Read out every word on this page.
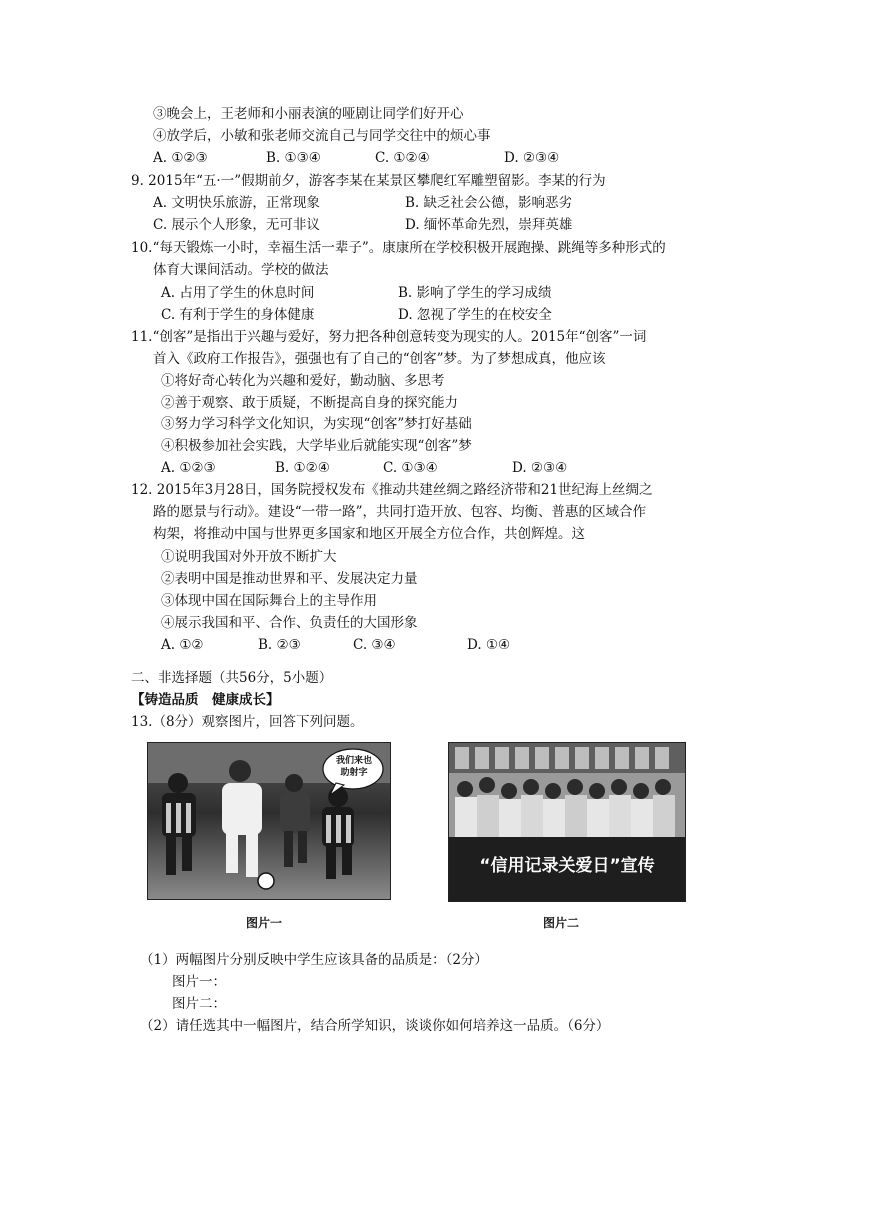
③晚会上，王老师和小丽表演的哑剧让同学们好开心
④放学后，小敏和张老师交流自己与同学交往中的烦心事
A. ①②③	B. ①③④	C. ①②④	D. ②③④
9. 2015年“五·一”假期前夕，游客李某在某景区攀爬红军雕塑留影。李某的行为
A. 文明快乐旅游，正常现象	B. 缺乏社会公德，影响恶劣
C. 展示个人形象，无可非议	D. 缅怀革命先烈，崇拜英雄
10.“每天锻炼一小时，幸福生活一辈子”。康康所在学校积极开展跑操、跳绳等多种形式的
体育大课间活动。学校的做法
A. 占用了学生的休息时间	B. 影响了学生的学习成绩
C. 有利于学生的身体健康	D. 忽视了学生的在校安全
11.“创客”是指出于兴趣与爱好，努力把各种创意转变为现实的人。2015年“创客”一词
首入《政府工作报告》，强强也有了自己的“创客”梦。为了梦想成真，他应该
①将好奇心转化为兴趣和爱好，勤动脑、多思考
②善于观察、敢于质疑，不断提高自身的探究能力
③努力学习科学文化知识，为实现“创客”梦打好基础
④积极参加社会实践，大学毕业后就能实现“创客”梦
A. ①②③	B. ①②④	C. ①③④	D. ②③④
12. 2015年3月28日，国务院授权发布《推动共建丝绸之路经济带和21世纪海上丝绸之
路的愿景与行动》。建设“一带一路”，共同打造开放、包容、均衡、普惠的区域合作
构架，将推动中国与世界更多国家和地区开展全方位合作，共创辉煌。这
①说明我国对外开放不断扩大
②表明中国是推动世界和平、发展决定力量
③体现中国在国际舞台上的主导作用
④展示我国和平、合作、负责任的大国形象
A. ①②	B. ②③	C. ③④	D. ①④
二、非选择题（共56分，5小题）
【铸造品质　健康成长】
13.（8分）观察图片，回答下列问题。
我们来也
助射字
图片一
“信用记录关爱日”宣传
图片二
（1）两幅图片分别反映中学生应该具备的品质是：（2分）
图片一：
图片二：
（2）请任选其中一幅图片，结合所学知识，谈谈你如何培养这一品质。（6分）
